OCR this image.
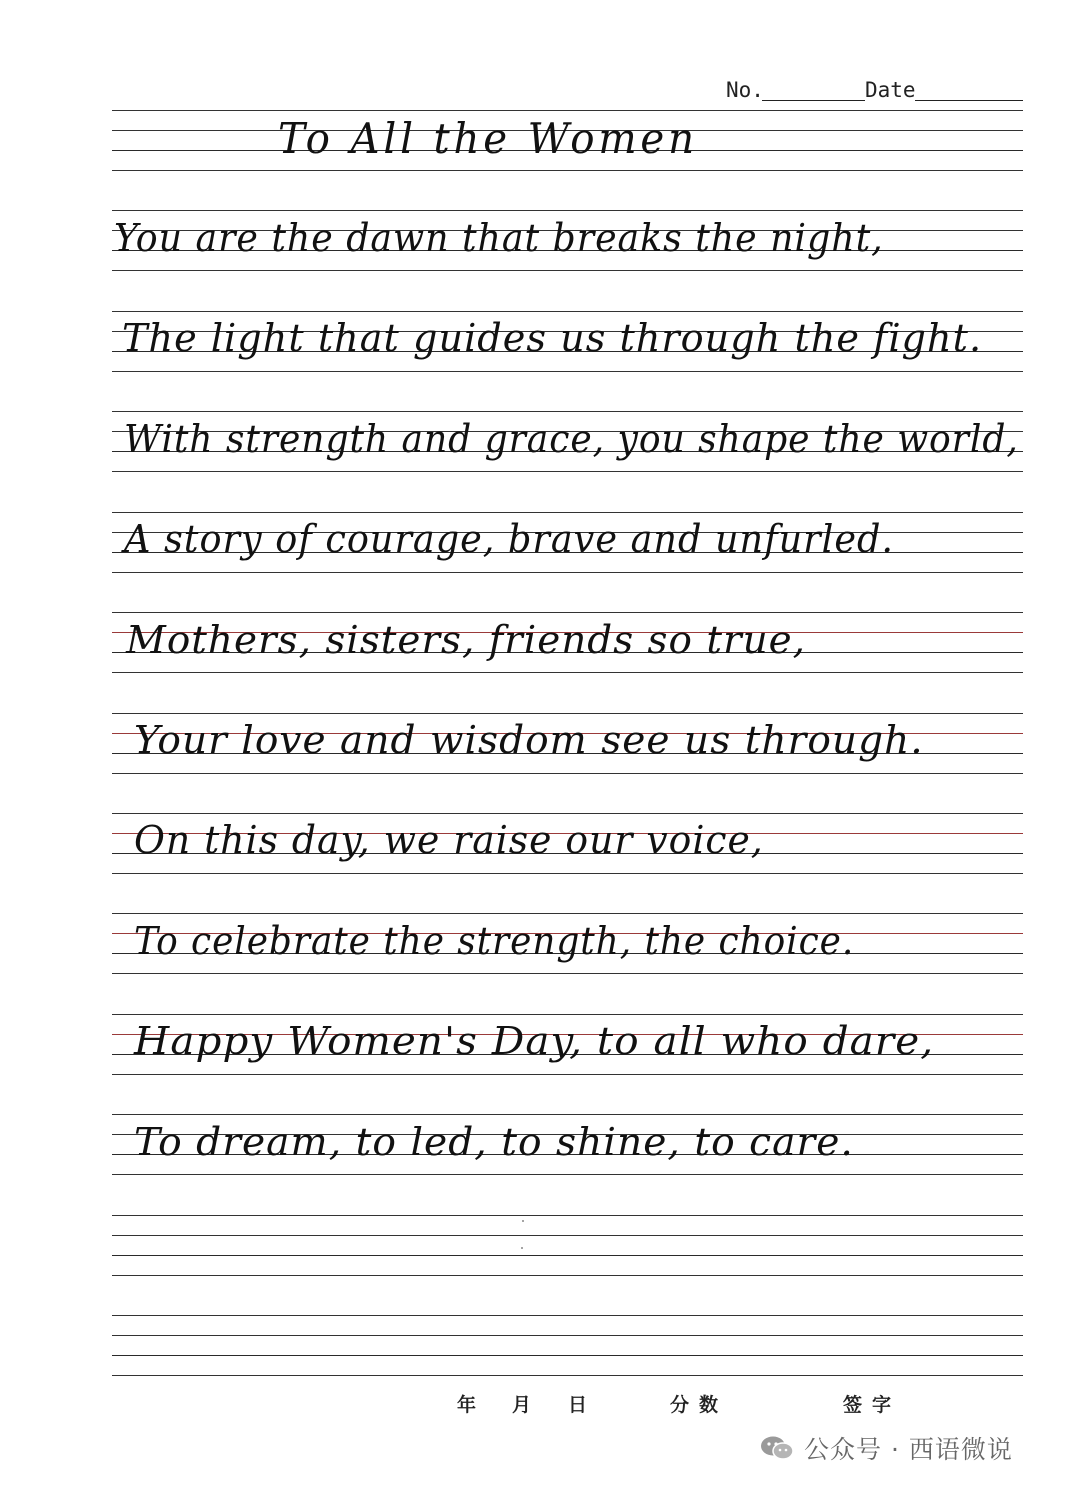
No.	Date
年 月 日	分数	签字
公众号 · 西语微说
To All the Women
You are the dawn that breaks the night,
The light that guides us through the fight.
With strength and grace, you shape the world,
A story of courage, brave and unfurled.
Mothers, sisters, friends so true,
Your love and wisdom see us through.
On this day, we raise our voice,
To celebrate the strength, the choice.
Happy Women's Day, to all who dare,
To dream, to led, to shine, to care.
